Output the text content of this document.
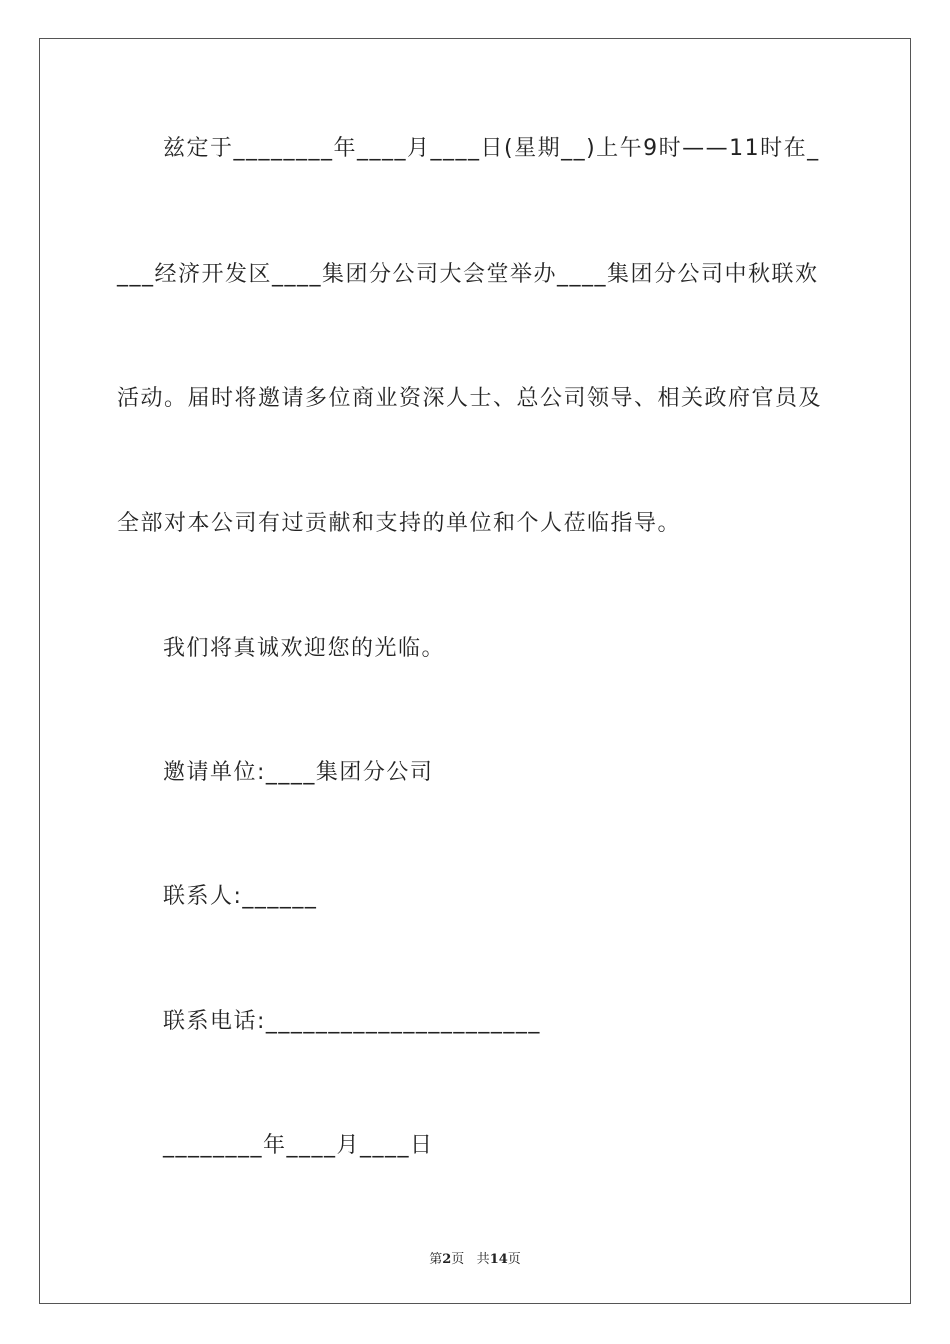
兹定于________年____月____日(星期__)上午9时——11时在_
___经济开发区____集团分公司大会堂举办____集团分公司中秋联欢
活动。届时将邀请多位商业资深人士、总公司领导、相关政府官员及
全部对本公司有过贡献和支持的单位和个人莅临指导。
我们将真诚欢迎您的光临。
邀请单位:____集团分公司
联系人:______
联系电话:______________________
________年____月____日
第2页 共14页
